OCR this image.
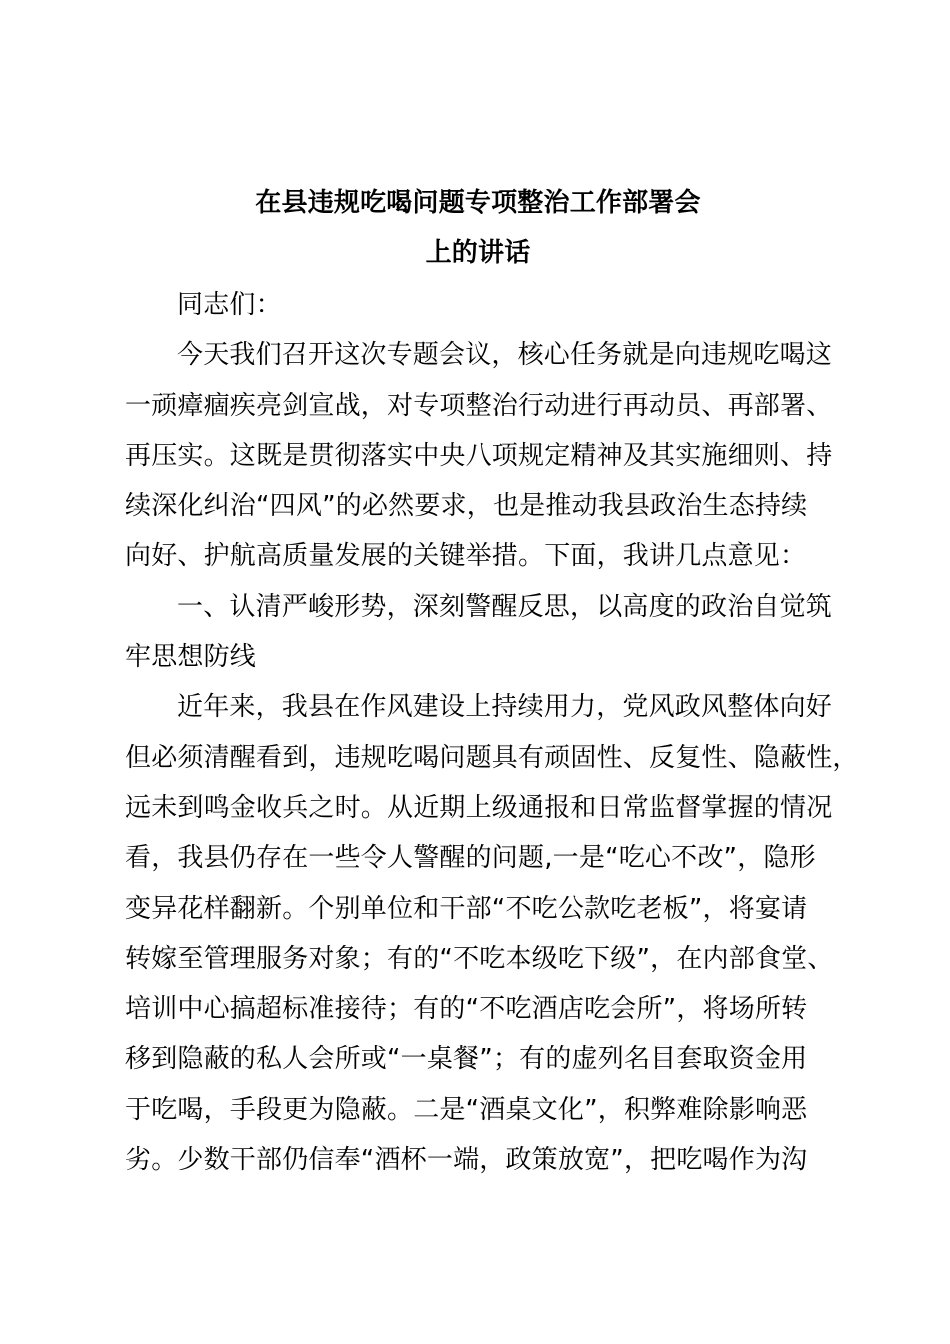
在县违规吃喝问题专项整治工作部署会
上的讲话
同志们：
今天我们召开这次专题会议，核心任务就是向违规吃喝这
一顽瘴痼疾亮剑宣战，对专项整治行动进行再动员、再部署、
再压实。这既是贯彻落实中央八项规定精神及其实施细则、持
续深化纠治“四风”的必然要求，也是推动我县政治生态持续
向好、护航高质量发展的关键举措。下面，我讲几点意见：
一、认清严峻形势，深刻警醒反思，以高度的政治自觉筑
牢思想防线
近年来，我县在作风建设上持续用力，党风政风整体向好
但必须清醒看到，违规吃喝问题具有顽固性、反复性、隐蔽性，
远未到鸣金收兵之时。从近期上级通报和日常监督掌握的情况
看，我县仍存在一些令人警醒的问题,一是“吃心不改”，隐形
变异花样翻新。个别单位和干部“不吃公款吃老板”，将宴请
转嫁至管理服务对象；有的“不吃本级吃下级”，在内部食堂、
培训中心搞超标准接待；有的“不吃酒店吃会所”，将场所转
移到隐蔽的私人会所或“一桌餐”；有的虚列名目套取资金用
于吃喝，手段更为隐蔽。二是“酒桌文化”，积弊难除影响恶
劣。少数干部仍信奉“酒杯一端，政策放宽”，把吃喝作为沟
